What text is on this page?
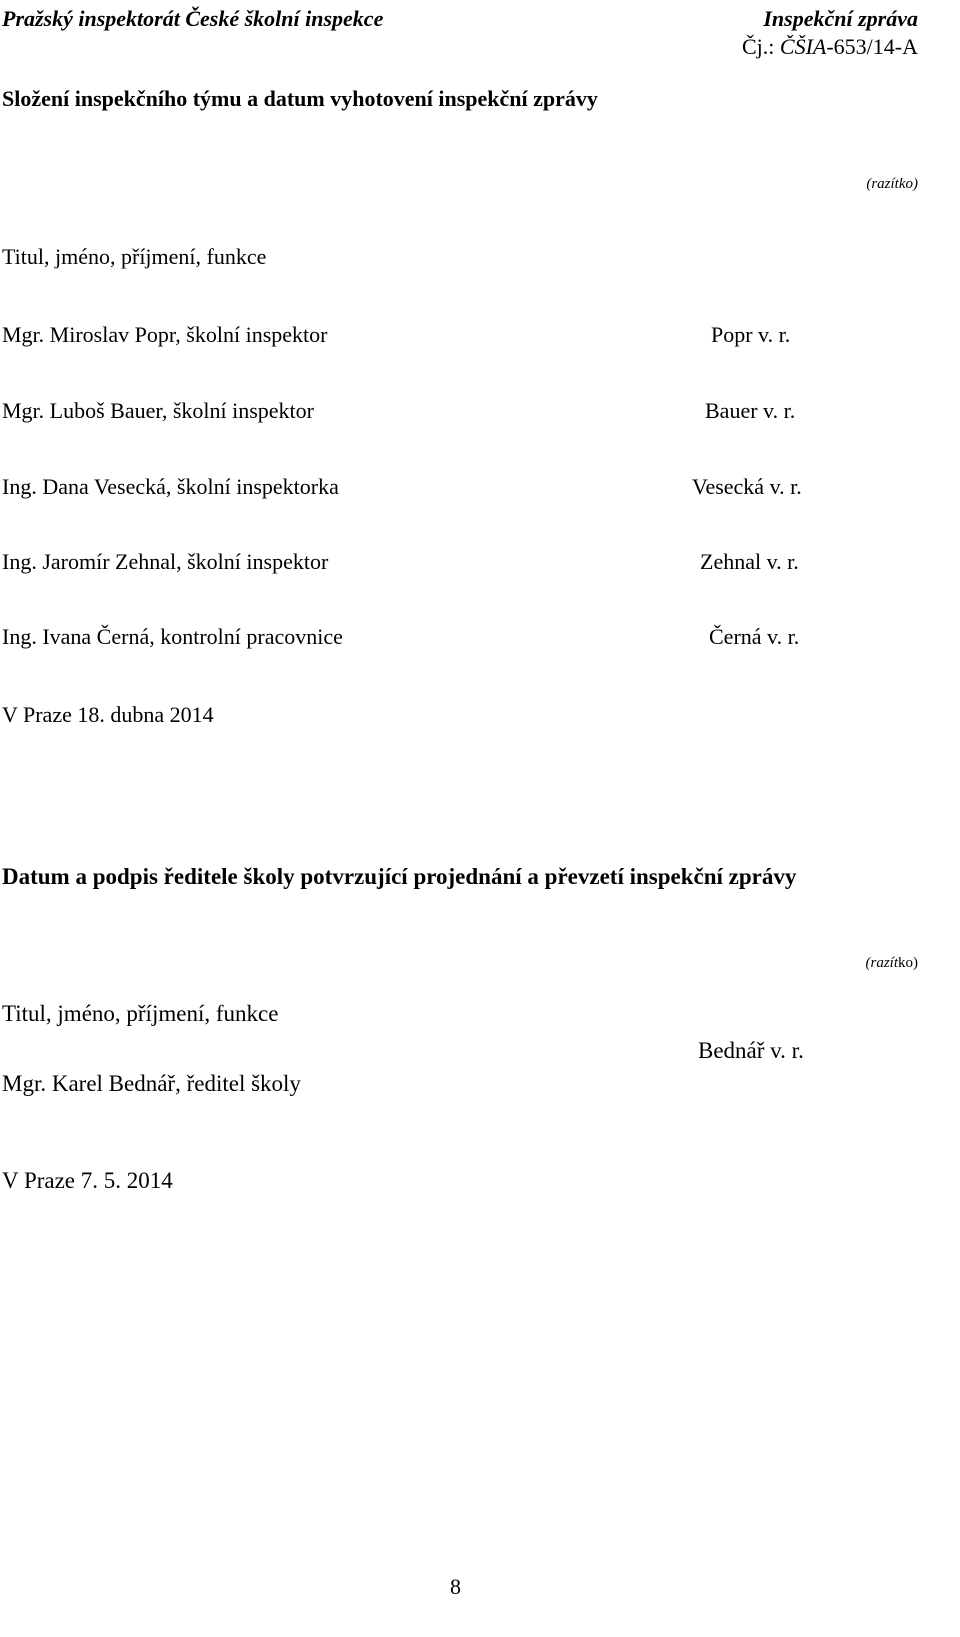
Pražský inspektorát České školní inspekce	Inspekční zpráva
Čj.: ČŠIA-653/14-A
Složení inspekčního týmu a datum vyhotovení inspekční zprávy
(razítko)
Titul, jméno, příjmení, funkce
Mgr. Miroslav Popr, školní inspektor	Popr v. r.
Mgr. Luboš Bauer, školní inspektor	Bauer v. r.
Ing. Dana Vesecká, školní inspektorka	Vesecká v. r.
Ing. Jaromír Zehnal, školní inspektor	Zehnal v. r.
Ing. Ivana Černá, kontrolní pracovnice	Černá v. r.
V Praze 18. dubna 2014
Datum a podpis ředitele školy potvrzující projednání a převzetí inspekční zprávy
(razítko)
Titul, jméno, příjmení, funkce
Bednář v. r.
Mgr. Karel Bednář, ředitel školy
V Praze 7. 5. 2014
8
